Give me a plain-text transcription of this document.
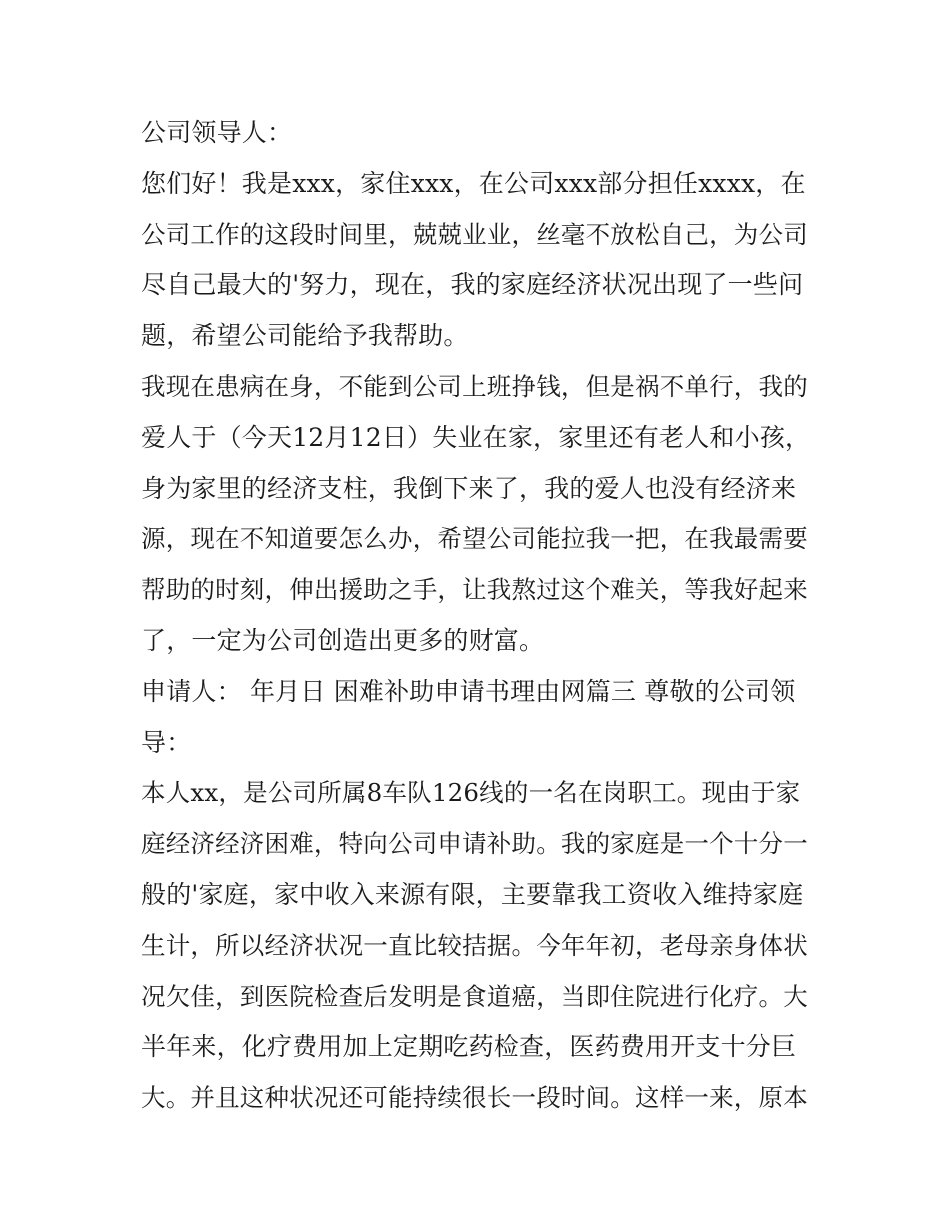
公司领导人：
您们好！我是xxx，家住xxx，在公司xxx部分担任xxxx，在
公司工作的这段时间里，兢兢业业，丝毫不放松自己，为公司
尽自己最大的'努力，现在，我的家庭经济状况出现了一些问
题，希望公司能给予我帮助。
我现在患病在身，不能到公司上班挣钱，但是祸不单行，我的
爱人于（今天12月12日）失业在家，家里还有老人和小孩，
身为家里的经济支柱，我倒下来了，我的爱人也没有经济来
源，现在不知道要怎么办，希望公司能拉我一把，在我最需要
帮助的时刻，伸出援助之手，让我熬过这个难关，等我好起来
了，一定为公司创造出更多的财富。
申请人： 年月日 困难补助申请书理由网篇三 尊敬的公司领
导：
本人xx，是公司所属8车队126线的一名在岗职工。现由于家
庭经济经济困难，特向公司申请补助。我的家庭是一个十分一
般的'家庭，家中收入来源有限，主要靠我工资收入维持家庭
生计，所以经济状况一直比较拮据。今年年初，老母亲身体状
况欠佳，到医院检查后发明是食道癌，当即住院进行化疗。大
半年来，化疗费用加上定期吃药检查，医药费用开支十分巨
大。并且这种状况还可能持续很长一段时间。这样一来，原本
